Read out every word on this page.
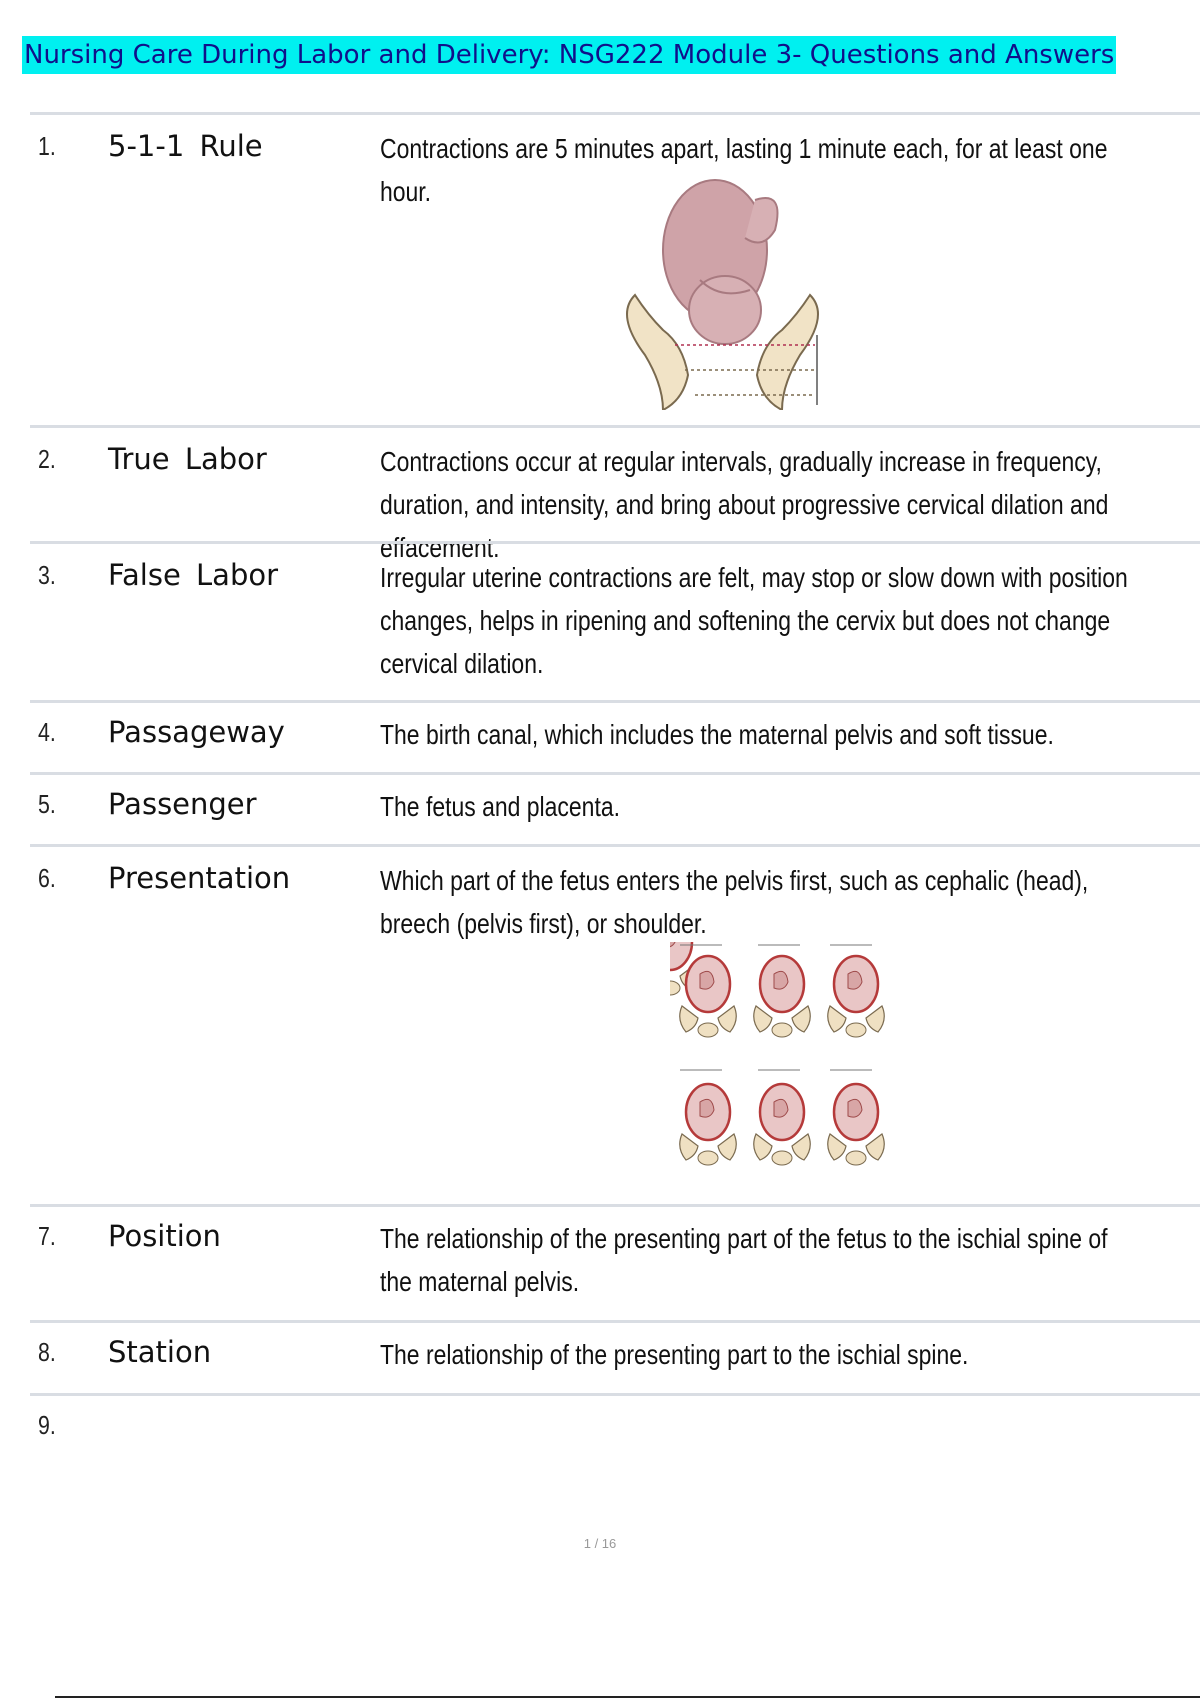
Nursing Care During Labor and Delivery: NSG222 Module 3- Questions and Answers
1. 5-1-1 Rule	Contractions are 5 minutes apart, lasting 1 minute each, for at least one hour.
2. True Labor	Contractions occur at regular intervals, gradually increase in frequency, duration, and intensity, and bring about progressive cervical dilation and effacement.
3. False Labor	Irregular uterine contractions are felt, may stop or slow down with position changes, helps in ripening and softening the cervix but does not change cervical dilation.
4. Passageway	The birth canal, which includes the maternal pelvis and soft tissue.
5. Passenger	The fetus and placenta.
6. Presentation	Which part of the fetus enters the pelvis first, such as cephalic (head), breech (pelvis first), or shoulder.
7. Position	The relationship of the presenting part of the fetus to the ischial spine of the maternal pelvis.
8. Station	The relationship of the presenting part to the ischial spine.
9.
1 / 16
